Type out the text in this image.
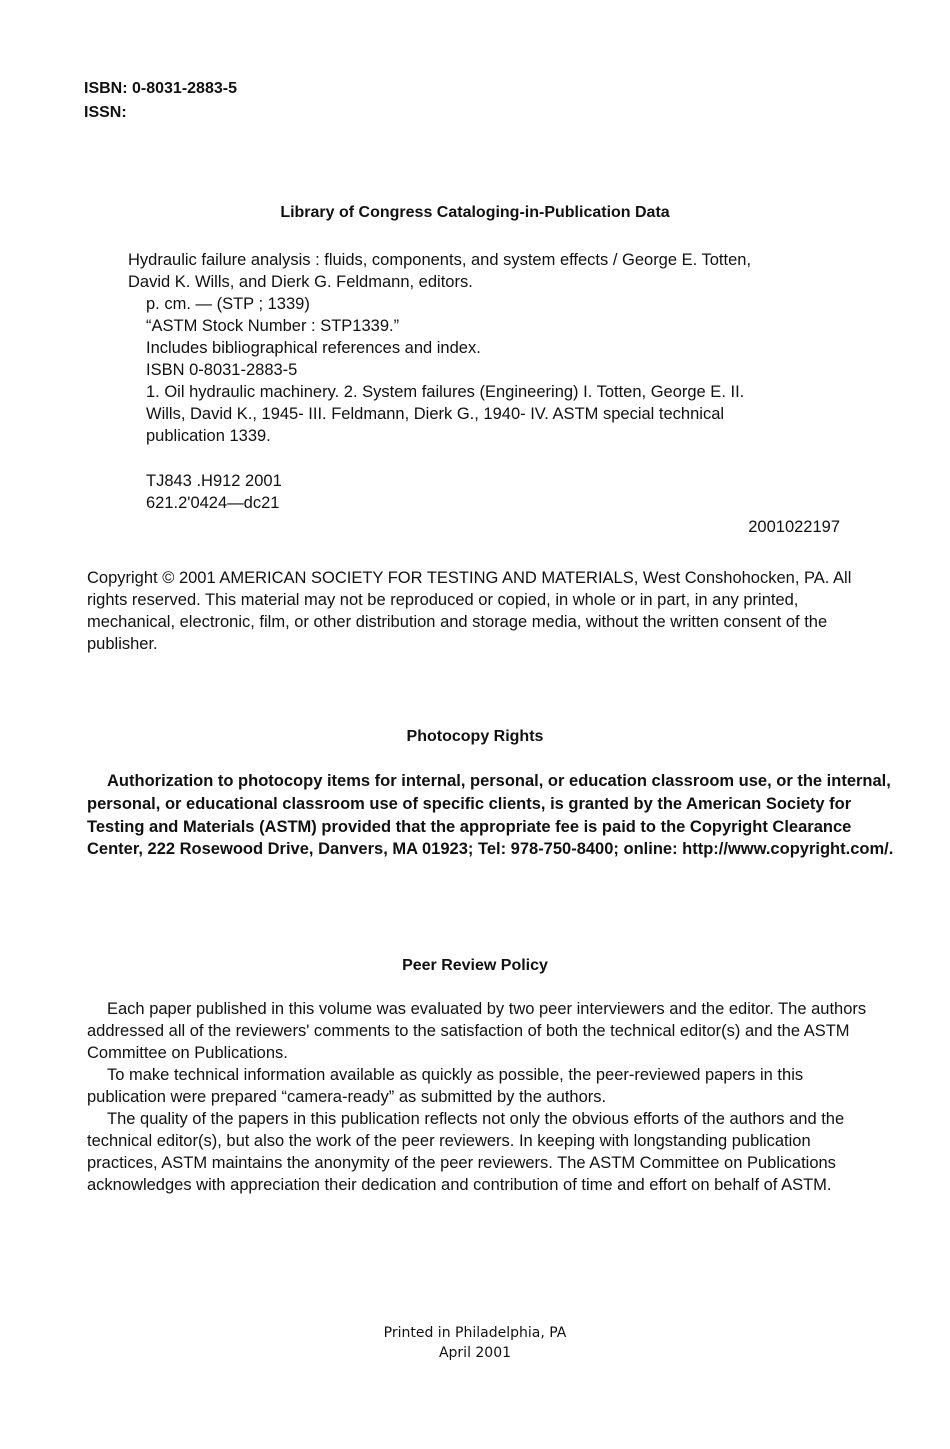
ISBN: 0-8031-2883-5
ISSN:
Library of Congress Cataloging-in-Publication Data
Hydraulic failure analysis : fluids, components, and system effects / George E. Totten,
David K. Wills, and Dierk G. Feldmann, editors.
p. cm. — (STP ; 1339)
“ASTM Stock Number : STP1339.”
Includes bibliographical references and index.
ISBN 0-8031-2883-5
1. Oil hydraulic machinery. 2. System failures (Engineering) I. Totten, George E. II.
Wills, David K., 1945- III. Feldmann, Dierk G., 1940- IV. ASTM special technical
publication 1339.
TJ843 .H912 2001
621.2'0424—dc21
2001022197
Copyright © 2001 AMERICAN SOCIETY FOR TESTING AND MATERIALS, West Conshohocken, PA. All rights reserved. This material may not be reproduced or copied, in whole or in part, in any printed, mechanical, electronic, film, or other distribution and storage media, without the written consent of the publisher.
Photocopy Rights
Authorization to photocopy items for internal, personal, or education classroom use, or the internal, personal, or educational classroom use of specific clients, is granted by the American Society for Testing and Materials (ASTM) provided that the appropriate fee is paid to the Copyright Clearance Center, 222 Rosewood Drive, Danvers, MA 01923; Tel: 978-750-8400; online: http://www.copyright.com/.
Peer Review Policy

Each paper published in this volume was evaluated by two peer interviewers and the editor. The authors addressed all of the reviewers' comments to the satisfaction of both the technical editor(s) and the ASTM Committee on Publications.

To make technical information available as quickly as possible, the peer-reviewed papers in this publication were prepared “camera-ready” as submitted by the authors.

The quality of the papers in this publication reflects not only the obvious efforts of the authors and the technical editor(s), but also the work of the peer reviewers. In keeping with longstanding publication practices, ASTM maintains the anonymity of the peer reviewers. The ASTM Committee on Publications acknowledges with appreciation their dedication and contribution of time and effort on behalf of ASTM.

Printed in Philadelphia, PA
April 2001
